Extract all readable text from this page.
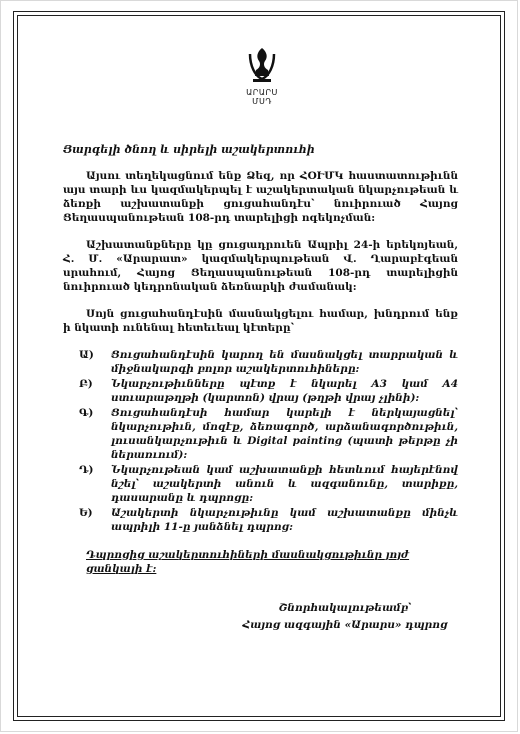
ԱՐԱՐՍ
ՄՍԴ

Յարգելի ծնող և սիրելի աշակերտուհի

Այսու տեղեկացնում ենք Ձեզ, որ ՀՕՒՄԿ հաստատութիւնն այս տարի ևս կազմակերպել է աշակերտական նկարչութեան և ձեռքի աշխատանքի ցուցահանդէս՝ նուիրուած Հայոց Ցեղասպանութեան 108-րդ տարելիցի ոգեկոչման:

Աշխատանքները կը ցուցադրուեն Ապրիլ 24-ի երեկոյեան, Հ. Մ. «Արարատ» կազմակերպութեան Վ. Ղարաբէգեան սրահում, Հայոց Ցեղասպանութեան 108-րդ տարելիցին նուիրուած կեդրոնական ձեռնարկի ժամանակ:

Սոյն ցուցահանդէսին մասնակցելու համար, խնդրում ենք ի նկատի ունենալ հետեւեալ կէտերը՝

Ա)	Ցուցահանդէսին կարող են մասնակցել տարրական և միջնակարգի բոլոր աշակերտուհիները:
Բ)	Նկարչութիւնները պէտք է նկարել A3 կամ A4 ստւարաթղթի (կարտոն) վրայ (թղթի վրայ չլինի):
Գ)	Ցուցահանդէսի համար կարելի է ներկայացնել՝ նկարչութիւն, մոզէք, ձեռագործ, արձանագործութիւն, լուսանկարչութիւն և Digital painting (պատի թերթը չի ներառւում):
Դ)	Նկարչութեան կամ աշխատանքի հետևում հայերէնով նշել՝ աշակերտի անուն և ազգանունը, տարիքը, դասարանը և դպրոցը:
Ե)	Աշակերտի նկարչութիւնը կամ աշխատանքը մինչև ապրիլի 11-ը յանձնել դպրոց:

Դպրոցից աշակերտուհիների մասնակցութիւնը յոյժ ցանկալի է:

Շնորհակալութեամբ՝
Հայոց ազգային «Արարս» դպրոց
